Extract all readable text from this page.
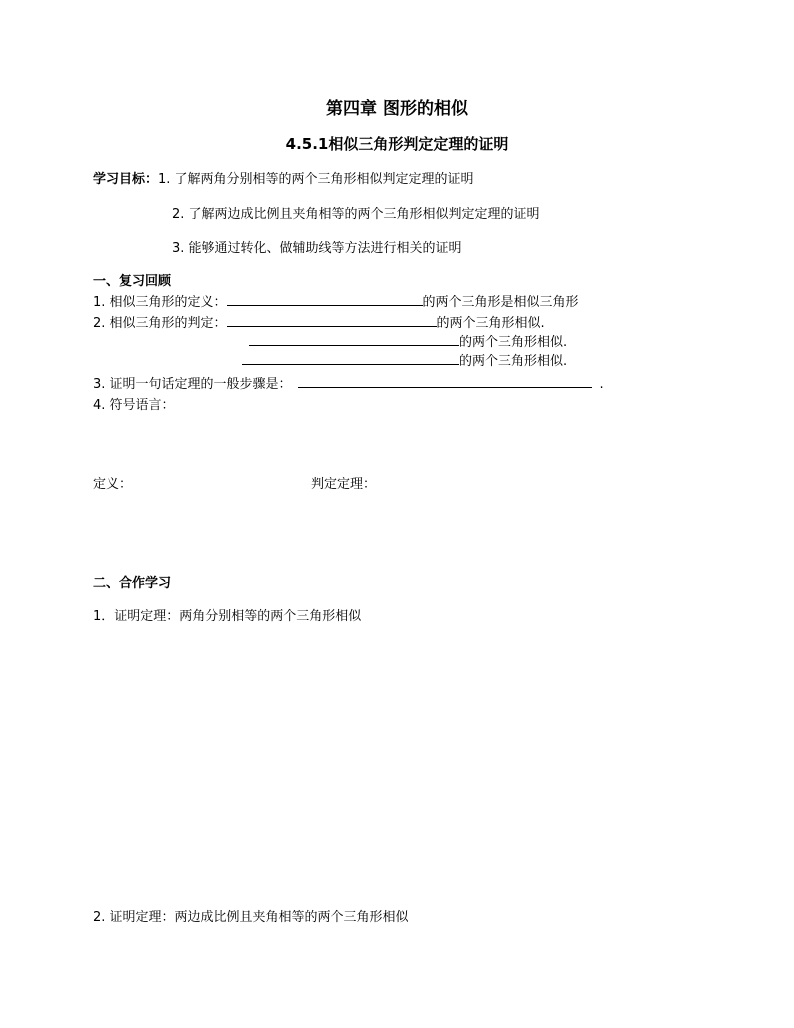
第四章 图形的相似
4.5.1相似三角形判定定理的证明
学习目标：1. 了解两角分别相等的两个三角形相似判定定理的证明
2. 了解两边成比例且夹角相等的两个三角形相似判定定理的证明
3. 能够通过转化、做辅助线等方法进行相关的证明
一、复习回顾
1. 相似三角形的定义：	的两个三角形是相似三角形
2. 相似三角形的判定：	的两个三角形相似.
的两个三角形相似.
的两个三角形相似.
3. 证明一句话定理的一般步骤是：	.
4. 符号语言：
定义：	判定定理：
二、合作学习
1．证明定理：两角分别相等的两个三角形相似
2. 证明定理：两边成比例且夹角相等的两个三角形相似
